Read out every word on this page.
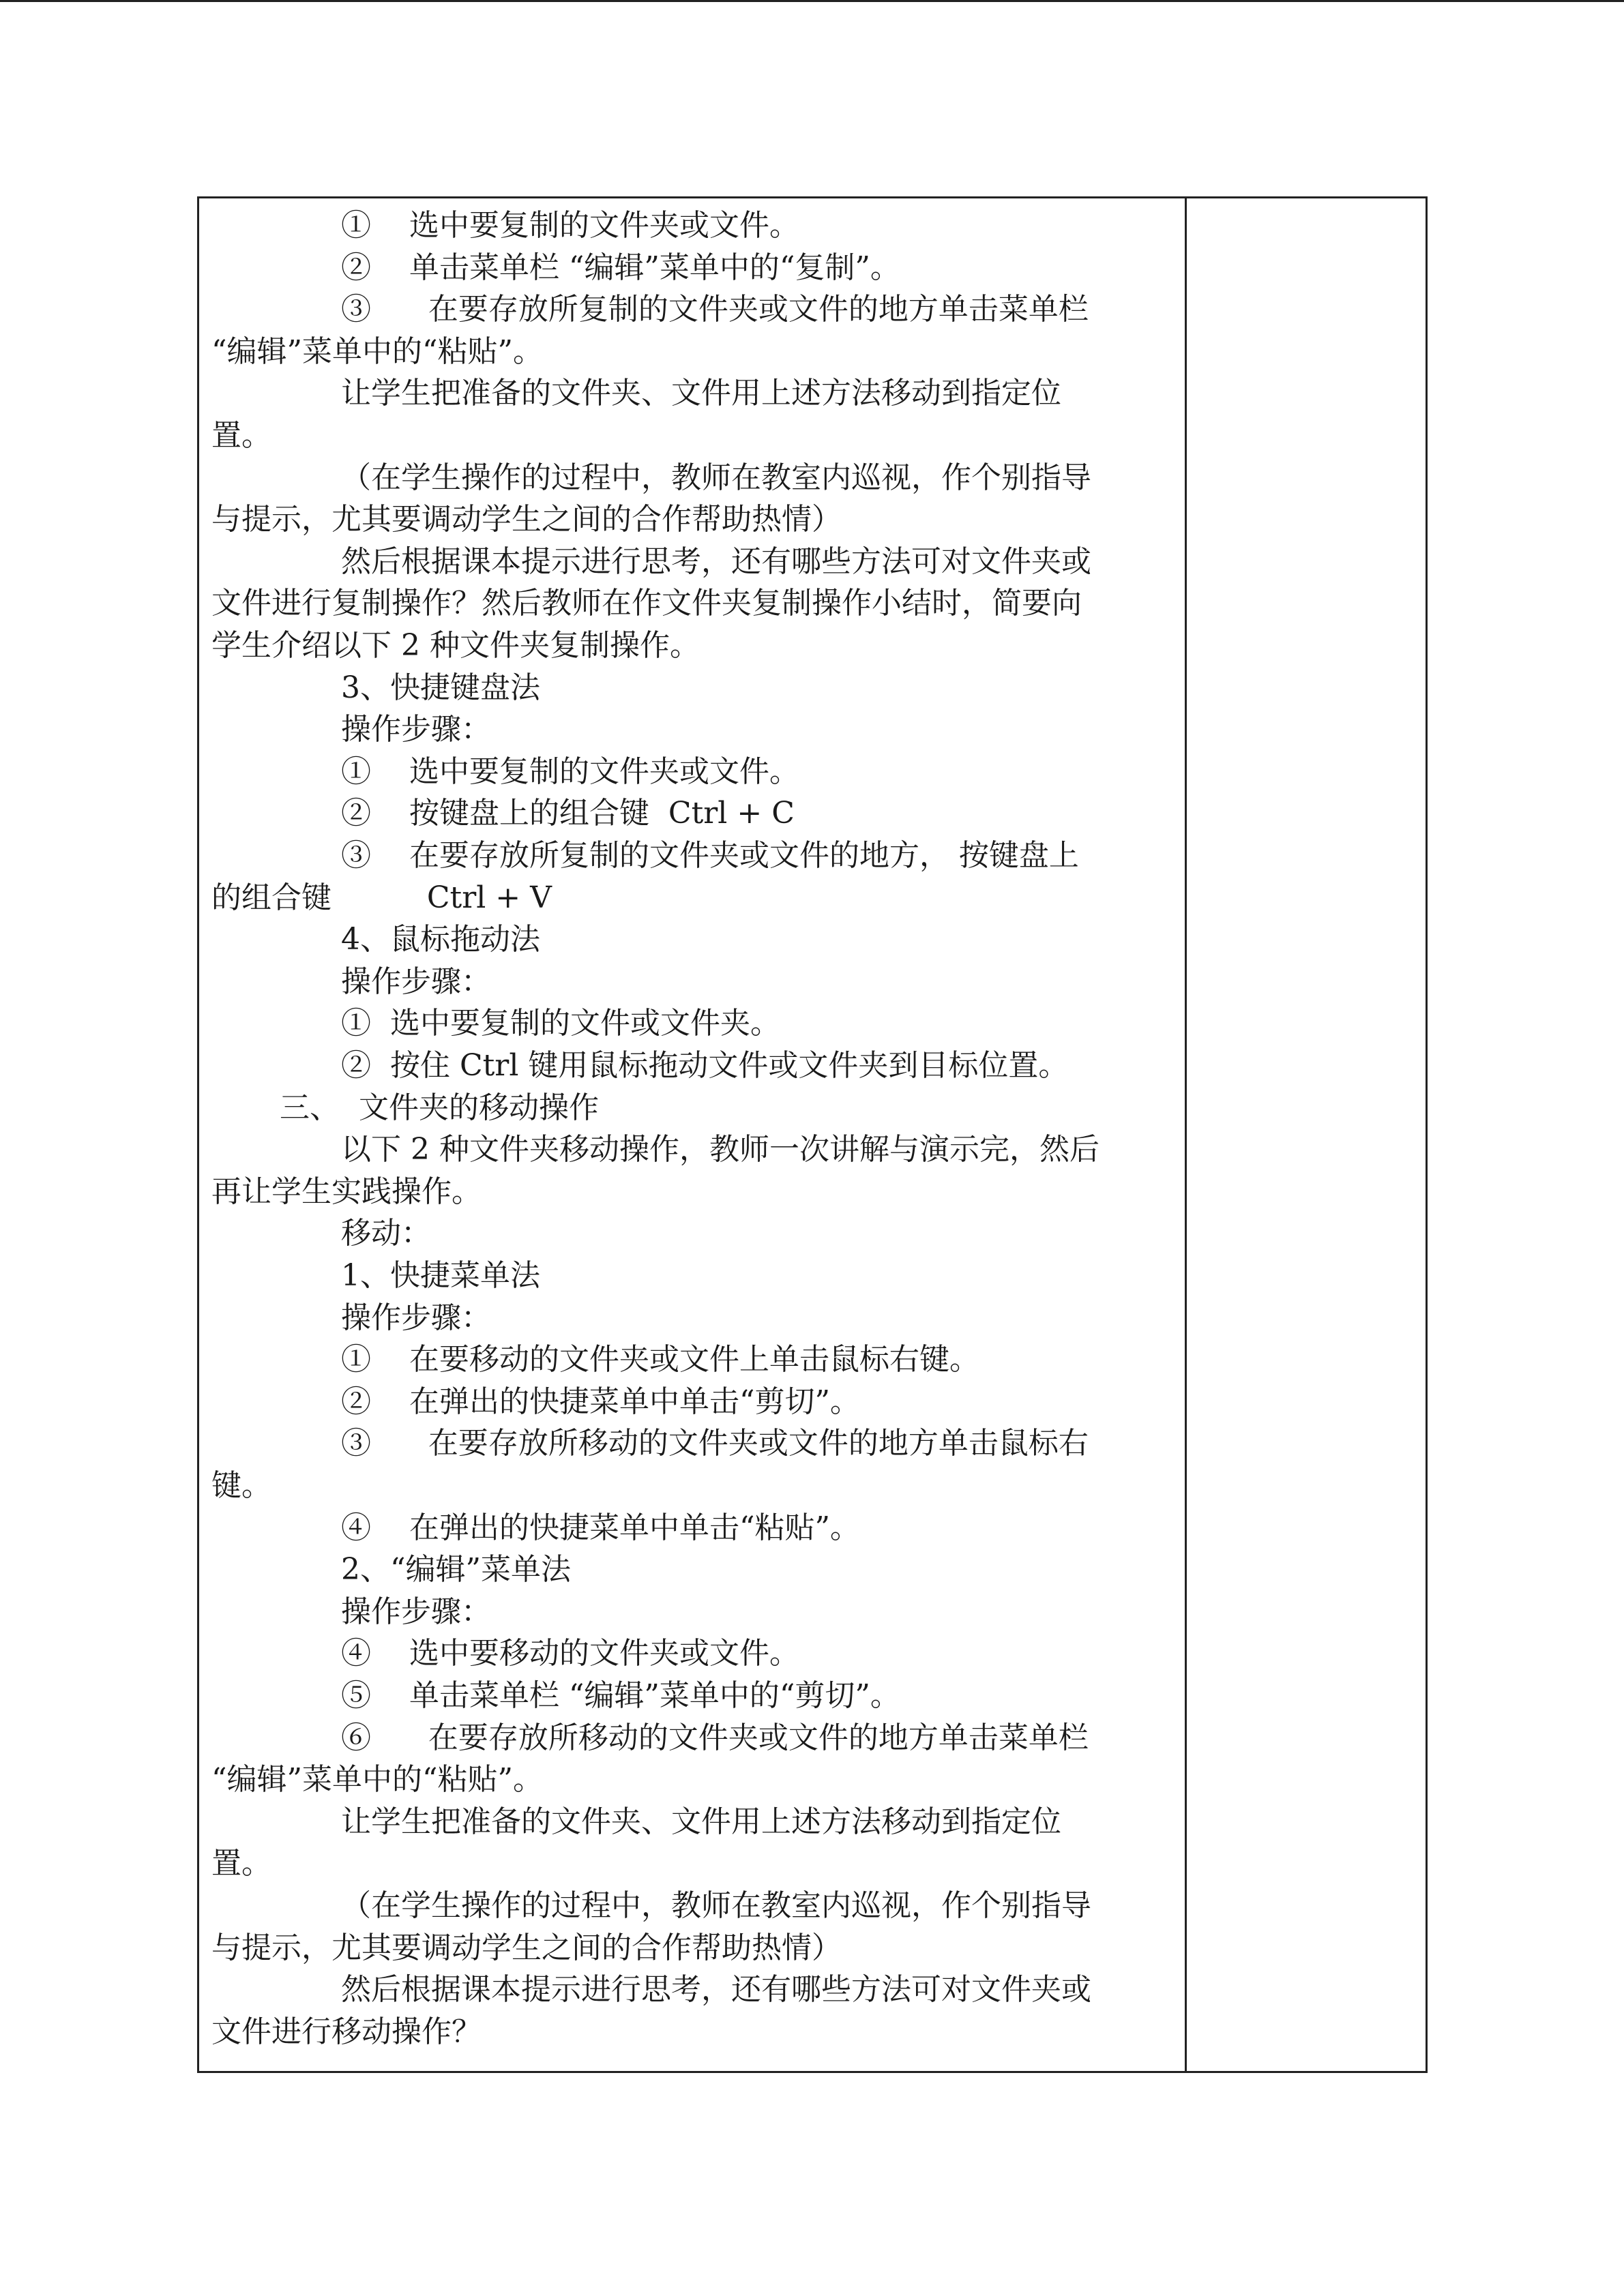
①    选中要复制的文件夹或文件。
②    单击菜单栏 “编辑”菜单中的“复制”。
③      在要存放所复制的文件夹或文件的地方单击菜单栏
“编辑”菜单中的“粘贴”。
让学生把准备的文件夹、文件用上述方法移动到指定位
置。
（在学生操作的过程中，教师在教室内巡视，作个别指导
与提示，尤其要调动学生之间的合作帮助热情）
然后根据课本提示进行思考，还有哪些方法可对文件夹或
文件进行复制操作？然后教师在作文件夹复制操作小结时，简要向
学生介绍以下 2 种文件夹复制操作。
3、快捷键盘法
操作步骤：
①    选中要复制的文件夹或文件。
②    按键盘上的组合键  Ctrl + C
③    在要存放所复制的文件夹或文件的地方， 按键盘上
的组合键          Ctrl + V
4、鼠标拖动法
操作步骤：
①  选中要复制的文件或文件夹。
②  按住 Ctrl 键用鼠标拖动文件或文件夹到目标位置。
三、  文件夹的移动操作
以下 2 种文件夹移动操作，教师一次讲解与演示完，然后
再让学生实践操作。
移动：
1、快捷菜单法
操作步骤：
①    在要移动的文件夹或文件上单击鼠标右键。
②    在弹出的快捷菜单中单击“剪切”。
③      在要存放所移动的文件夹或文件的地方单击鼠标右
键。
④    在弹出的快捷菜单中单击“粘贴”。
2、“编辑”菜单法
操作步骤：
④    选中要移动的文件夹或文件。
⑤    单击菜单栏 “编辑”菜单中的“剪切”。
⑥      在要存放所移动的文件夹或文件的地方单击菜单栏
“编辑”菜单中的“粘贴”。
让学生把准备的文件夹、文件用上述方法移动到指定位
置。
（在学生操作的过程中，教师在教室内巡视，作个别指导
与提示，尤其要调动学生之间的合作帮助热情）
然后根据课本提示进行思考，还有哪些方法可对文件夹或
文件进行移动操作？
